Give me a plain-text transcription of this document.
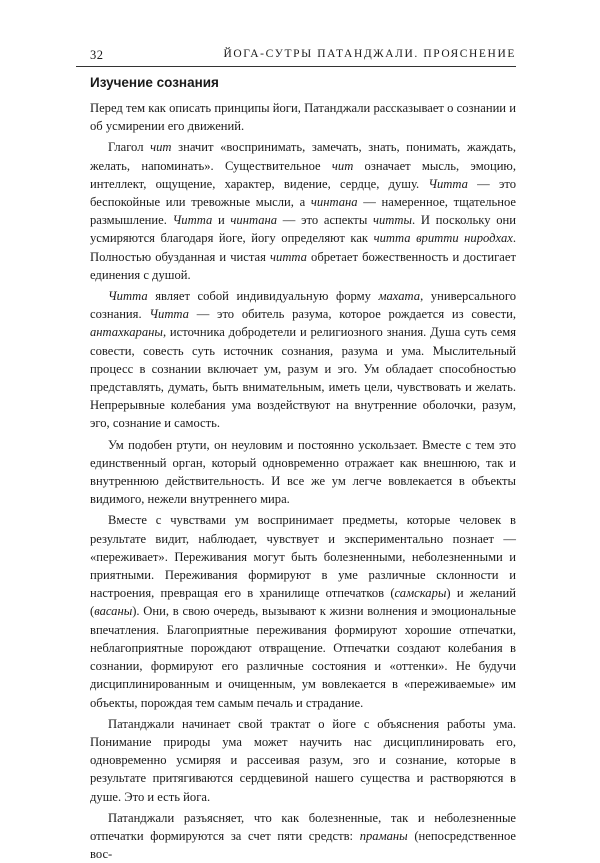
32	ЙОГА-СУТРЫ ПАТАНДЖАЛИ. ПРОЯСНЕНИЕ
Изучение сознания

Перед тем как описать принципы йоги, Патанджали рассказывает о сознании и об усмирении его движений.

Глагол чит значит «воспринимать, замечать, знать, понимать, жаждать, желать, напоминать». Существительное чит означает мысль, эмоцию, интеллект, ощущение, характер, видение, сердце, душу. Читта — это беспокойные или тревожные мысли, а чинтана — намеренное, тщательное размышление. Читта и чинтана — это аспекты читты. И поскольку они усмиряются благодаря йоге, йогу определяют как читта вритти ниродхах. Полностью обузданная и чистая читта обретает божественность и достигает единения с душой.

Читта являет собой индивидуальную форму махата, универсального сознания. Читта — это обитель разума, которое рождается из совести, антахкараны, источника добродетели и религиозного знания. Душа суть семя совести, совесть суть источник сознания, разума и ума. Мыслительный процесс в сознании включает ум, разум и эго. Ум обладает способностью представлять, думать, быть внимательным, иметь цели, чувствовать и желать. Непрерывные колебания ума воздействуют на внутренние оболочки, разум, эго, сознание и самость.

Ум подобен ртути, он неуловим и постоянно ускользает. Вместе с тем это единственный орган, который одновременно отражает как внешнюю, так и внутреннюю действительность. И все же ум легче вовлекается в объекты видимого, нежели внутреннего мира.

Вместе с чувствами ум воспринимает предметы, которые человек в результате видит, наблюдает, чувствует и экспериментально познает — «переживает». Переживания могут быть болезненными, неболезненными и приятными. Переживания формируют в уме различные склонности и настроения, превращая его в хранилище отпечатков (самскары) и желаний (васаны). Они, в свою очередь, вызывают к жизни волнения и эмоциональные впечатления. Благоприятные переживания формируют хорошие отпечатки, неблагоприятные порождают отвращение. Отпечатки создают колебания в сознании, формируют его различные состояния и «оттенки». Не будучи дисциплинированным и очищенным, ум вовлекается в «переживаемые» им объекты, порождая тем самым печаль и страдание.

Патанджали начинает свой трактат о йоге с объяснения работы ума. Понимание природы ума может научить нас дисциплинировать его, одновременно усмиряя и рассеивая разум, эго и сознание, которые в результате притягиваются сердцевиной нашего существа и растворяются в душе. Это и есть йога.

Патанджали разъясняет, что как болезненные, так и неболезненные отпечатки формируются за счет пяти средств: праманы (непосредственное вос-
